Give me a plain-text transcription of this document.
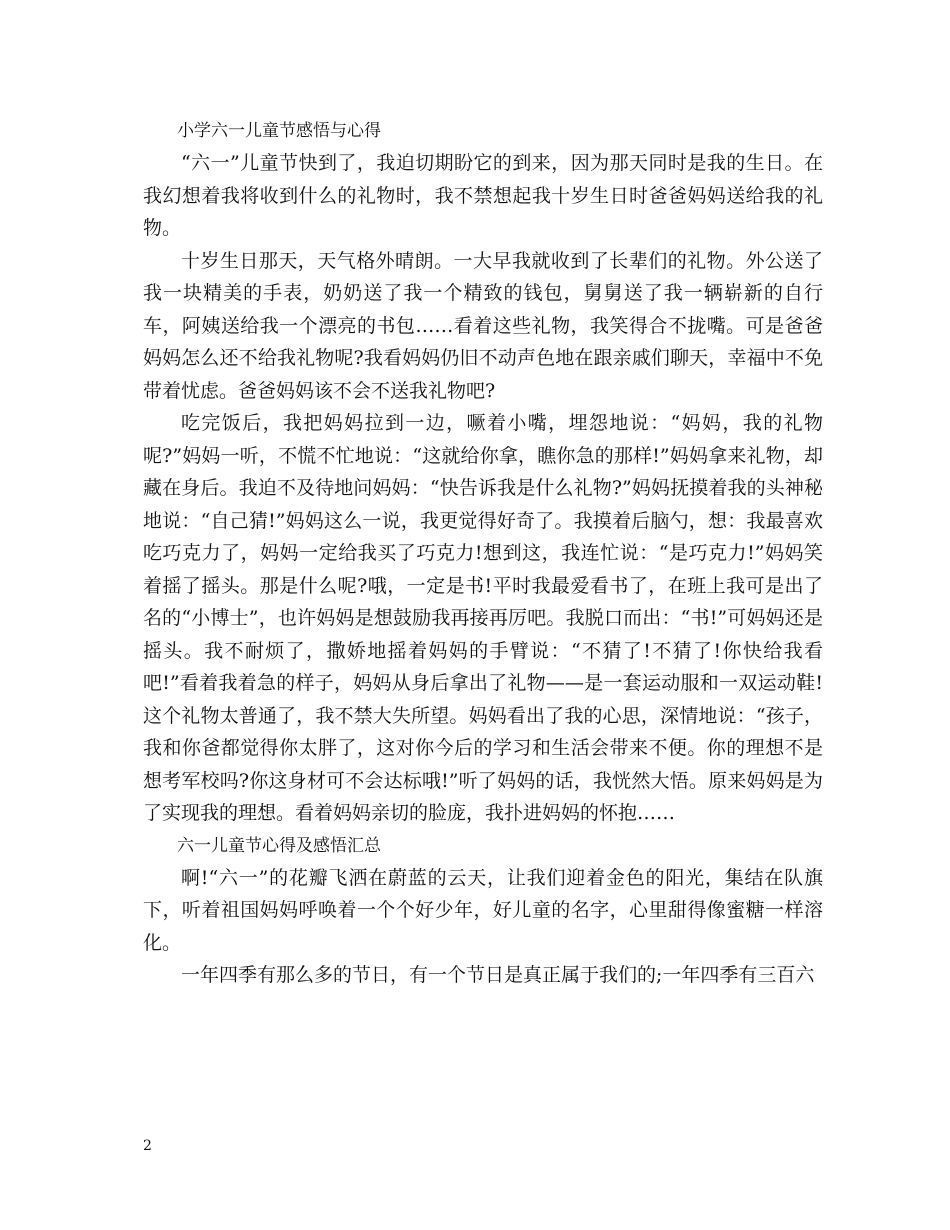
小学六一儿童节感悟与心得

“六一”儿童节快到了，我迫切期盼它的到来，因为那天同时是我的生日。在我幻想着我将收到什么的礼物时，我不禁想起我十岁生日时爸爸妈妈送给我的礼物。

十岁生日那天，天气格外晴朗。一大早我就收到了长辈们的礼物。外公送了我一块精美的手表，奶奶送了我一个精致的钱包，舅舅送了我一辆崭新的自行车，阿姨送给我一个漂亮的书包……看着这些礼物，我笑得合不拢嘴。可是爸爸妈妈怎么还不给我礼物呢?我看妈妈仍旧不动声色地在跟亲戚们聊天，幸福中不免带着忧虑。爸爸妈妈该不会不送我礼物吧?

吃完饭后，我把妈妈拉到一边，噘着小嘴，埋怨地说：“妈妈，我的礼物呢?”妈妈一听，不慌不忙地说：“这就给你拿，瞧你急的那样!”妈妈拿来礼物，却藏在身后。我迫不及待地问妈妈：“快告诉我是什么礼物?”妈妈抚摸着我的头神秘地说：“自己猜!”妈妈这么一说，我更觉得好奇了。我摸着后脑勺，想：我最喜欢吃巧克力了，妈妈一定给我买了巧克力!想到这，我连忙说：“是巧克力!”妈妈笑着摇了摇头。那是什么呢?哦，一定是书!平时我最爱看书了，在班上我可是出了名的“小博士”，也许妈妈是想鼓励我再接再厉吧。我脱口而出：“书!”可妈妈还是摇头。我不耐烦了，撒娇地摇着妈妈的手臂说：“不猜了!不猜了!你快给我看吧!”看着我着急的样子，妈妈从身后拿出了礼物——是一套运动服和一双运动鞋!这个礼物太普通了，我不禁大失所望。妈妈看出了我的心思，深情地说：“孩子，我和你爸都觉得你太胖了，这对你今后的学习和生活会带来不便。你的理想不是想考军校吗?你这身材可不会达标哦!”听了妈妈的话，我恍然大悟。原来妈妈是为了实现我的理想。看着妈妈亲切的脸庞，我扑进妈妈的怀抱……

六一儿童节心得及感悟汇总

啊!“六一”的花瓣飞洒在蔚蓝的云天，让我们迎着金色的阳光，集结在队旗下，听着祖国妈妈呼唤着一个个好少年，好儿童的名字，心里甜得像蜜糖一样溶化。

一年四季有那么多的节日，有一个节日是真正属于我们的;一年四季有三百六

2
